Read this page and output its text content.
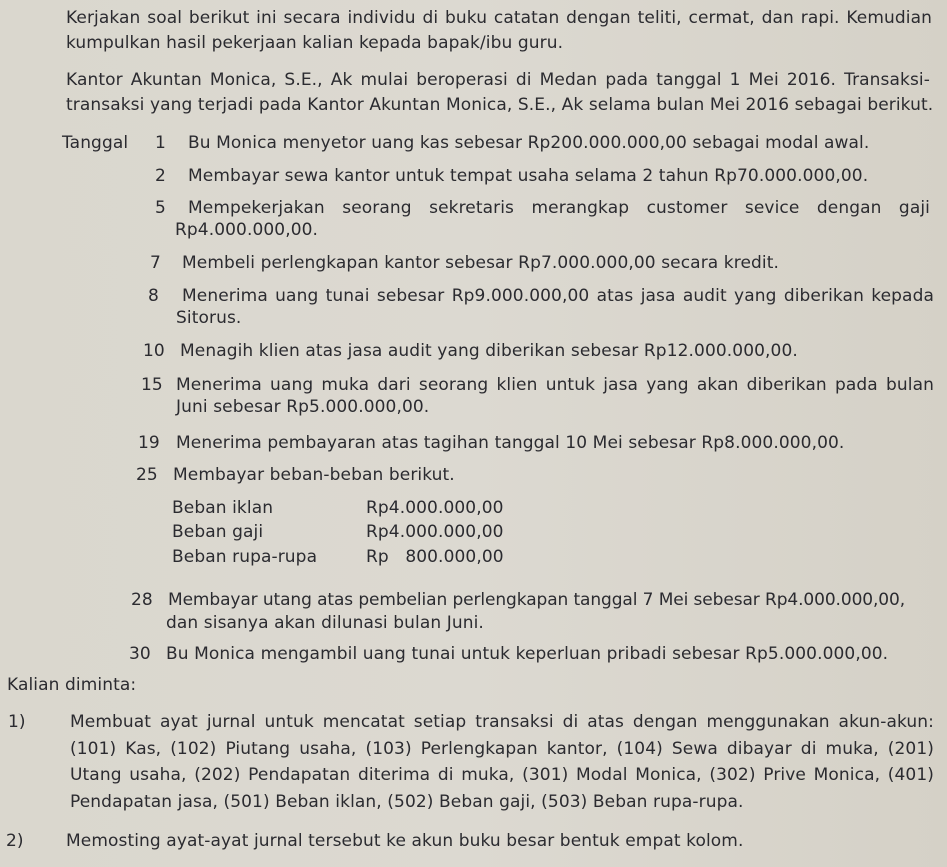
Kerjakan soal berikut ini secara individu di buku catatan dengan teliti, cermat, dan rapi. Kemudian
kumpulkan hasil pekerjaan kalian kepada bapak/ibu guru.
Kantor Akuntan Monica, S.E., Ak mulai beroperasi di Medan pada tanggal 1 Mei 2016. Transaksi-
transaksi yang terjadi pada Kantor Akuntan Monica, S.E., Ak selama bulan Mei 2016 sebagai berikut.
Tanggal 1 Bu Monica menyetor uang kas sebesar Rp200.000.000,00 sebagai modal awal.
2 Membayar sewa kantor untuk tempat usaha selama 2 tahun Rp70.000.000,00.
5 Mempekerjakan seorang sekretaris merangkap customer sevice dengan gaji
Rp4.000.000,00.
7 Membeli perlengkapan kantor sebesar Rp7.000.000,00 secara kredit.
8 Menerima uang tunai sebesar Rp9.000.000,00 atas jasa audit yang diberikan kepada
Sitorus.
10 Menagih klien atas jasa audit yang diberikan sebesar Rp12.000.000,00.
15 Menerima uang muka dari seorang klien untuk jasa yang akan diberikan pada bulan
Juni sebesar Rp5.000.000,00.
19 Menerima pembayaran atas tagihan tanggal 10 Mei sebesar Rp8.000.000,00.
25 Membayar beban-beban berikut.
Beban iklan	Rp4.000.000,00
Beban gaji	Rp4.000.000,00
Beban rupa-rupa	Rp   800.000,00
28 Membayar utang atas pembelian perlengkapan tanggal 7 Mei sebesar Rp4.000.000,00,
dan sisanya akan dilunasi bulan Juni.
30 Bu Monica mengambil uang tunai untuk keperluan pribadi sebesar Rp5.000.000,00.
Kalian diminta:
1)	Membuat ayat jurnal untuk mencatat setiap transaksi di atas dengan menggunakan akun-akun:
(101) Kas, (102) Piutang usaha, (103) Perlengkapan kantor, (104) Sewa dibayar di muka, (201)
Utang usaha, (202) Pendapatan diterima di muka, (301) Modal Monica, (302) Prive Monica, (401)
Pendapatan jasa, (501) Beban iklan, (502) Beban gaji, (503) Beban rupa-rupa.
2) Memosting ayat-ayat jurnal tersebut ke akun buku besar bentuk empat kolom.
